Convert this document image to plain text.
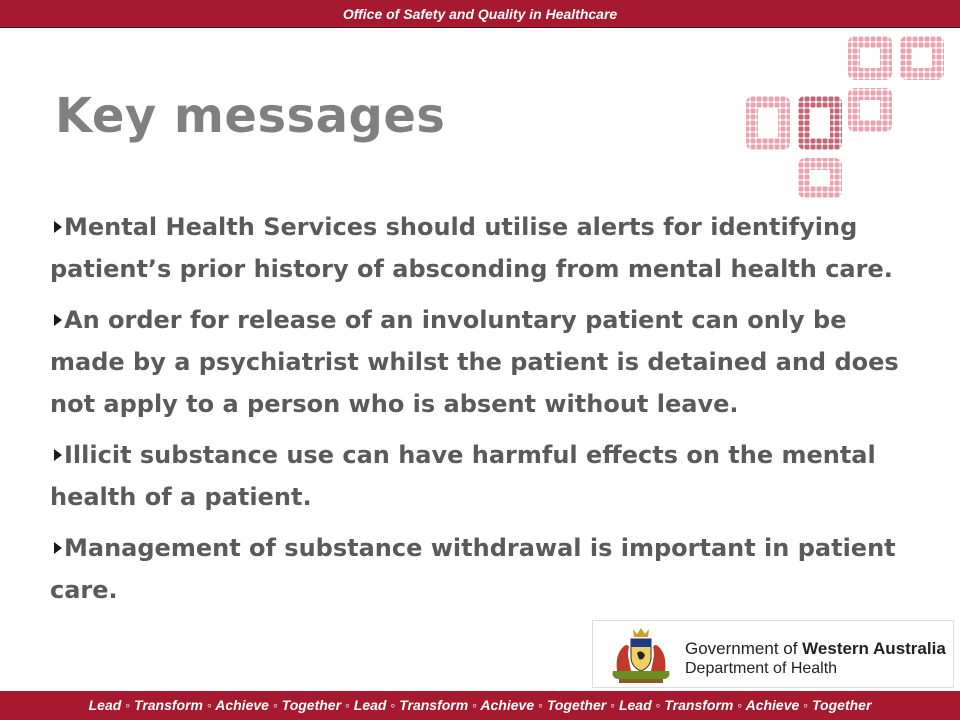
Office of Safety and Quality in Healthcare
Key messages
Mental Health Services should utilise alerts for identifying patient’s prior history of absconding from mental health care.
An order for release of an involuntary patient can only be made by a psychiatrist whilst the patient is detained and does not apply to a person who is absent without leave.
Illicit substance use can have harmful effects on the mental health of a patient.
Management of substance withdrawal is important in patient care.
Government of Western Australia
Department of Health
Lead ◦ Transform ◦ Achieve ◦ Together ◦ Lead ◦ Transform ◦ Achieve ◦ Together ◦ Lead ◦ Transform ◦ Achieve ◦ Together
